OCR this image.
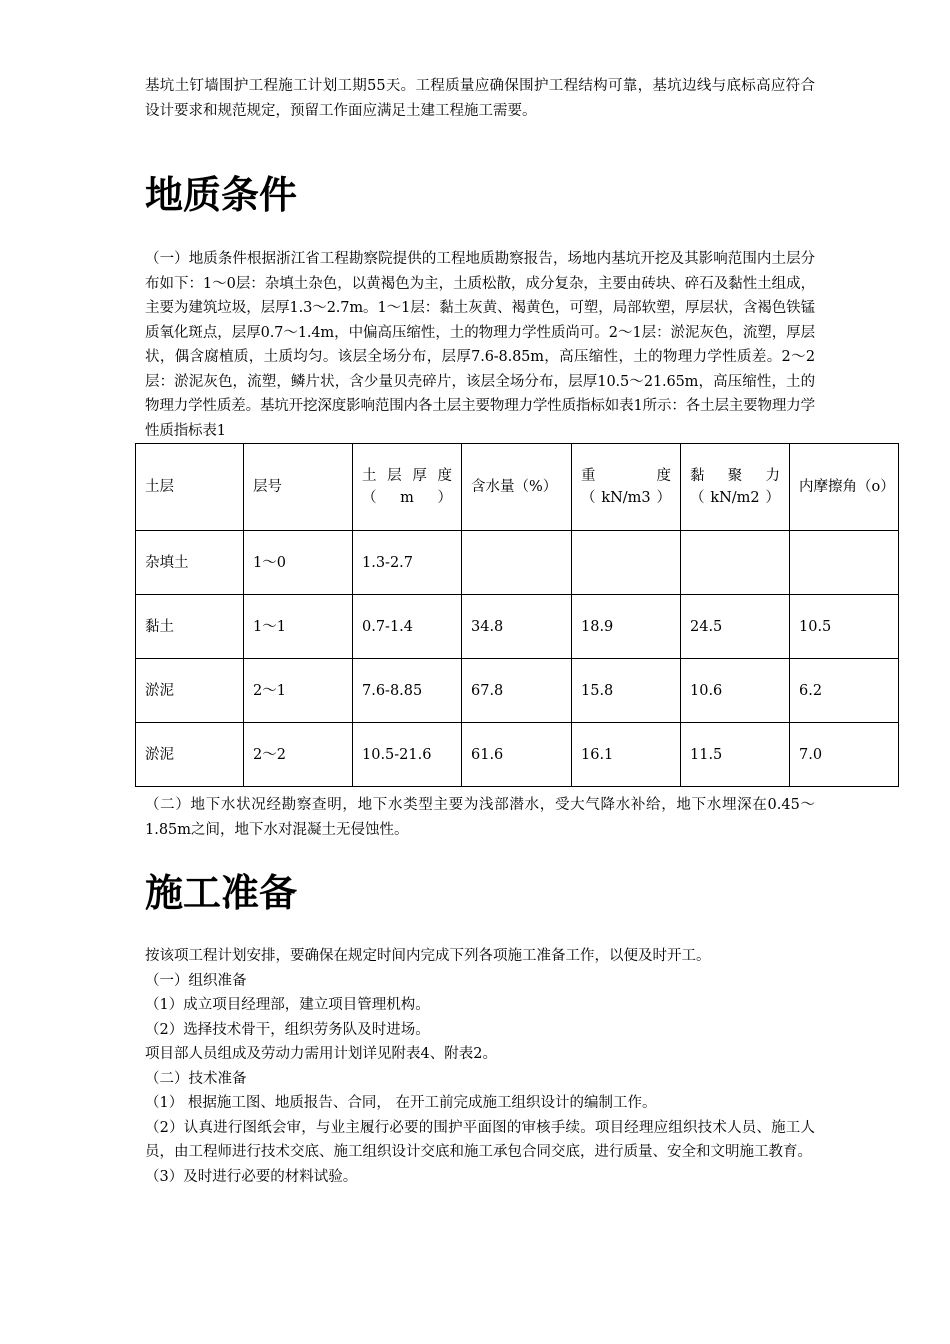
基坑土钉墙围护工程施工计划工期55天。工程质量应确保围护工程结构可靠，基坑边线与底标高应符合设计要求和规范规定，预留工作面应满足土建工程施工需要。

地质条件

（一）地质条件根据浙江省工程勘察院提供的工程地质勘察报告，场地内基坑开挖及其影响范围内土层分布如下：1～0层：杂填土杂色，以黄褐色为主，土质松散，成分复杂，主要由砖块、碎石及黏性土组成，主要为建筑垃圾，层厚1.3～2.7m。1～1层：黏土灰黄、褐黄色，可塑，局部软塑，厚层状，含褐色铁锰质氧化斑点，层厚0.7～1.4m，中偏高压缩性，土的物理力学性质尚可。2～1层：淤泥灰色，流塑，厚层状，偶含腐植质，土质均匀。该层全场分布，层厚7.6-8.85m，高压缩性，土的物理力学性质差。2～2层：淤泥灰色，流塑，鳞片状，含少量贝壳碎片，该层全场分布，层厚10.5～21.65m，高压缩性，土的物理力学性质差。基坑开挖深度影响范围内各土层主要物理力学性质指标如表1所示：各土层主要物理力学性质指标表1

土层	层号	土层厚度（m）	含水量（%）	重度（kN/m3）	黏聚力（kN/m2）	内摩擦角（o）
杂填土	1～0	1.3-2.7				
黏土	1～1	0.7-1.4	34.8	18.9	24.5	10.5
淤泥	2～1	7.6-8.85	67.8	15.8	10.6	6.2
淤泥	2～2	10.5-21.6	61.6	16.1	11.5	7.0

（二）地下水状况经勘察查明，地下水类型主要为浅部潜水，受大气降水补给，地下水埋深在0.45～1.85m之间，地下水对混凝土无侵蚀性。

施工准备

按该项工程计划安排，要确保在规定时间内完成下列各项施工准备工作，以便及时开工。

（一）组织准备

（1）成立项目经理部，建立项目管理机构。

（2）选择技术骨干，组织劳务队及时进场。

项目部人员组成及劳动力需用计划详见附表4、附表2。

（二）技术准备

（1） 根据施工图、地质报告、合同， 在开工前完成施工组织设计的编制工作。

（2）认真进行图纸会审，与业主履行必要的围护平面图的审核手续。项目经理应组织技术人员、施工人员，由工程师进行技术交底、施工组织设计交底和施工承包合同交底，进行质量、安全和文明施工教育。

（3）及时进行必要的材料试验。
